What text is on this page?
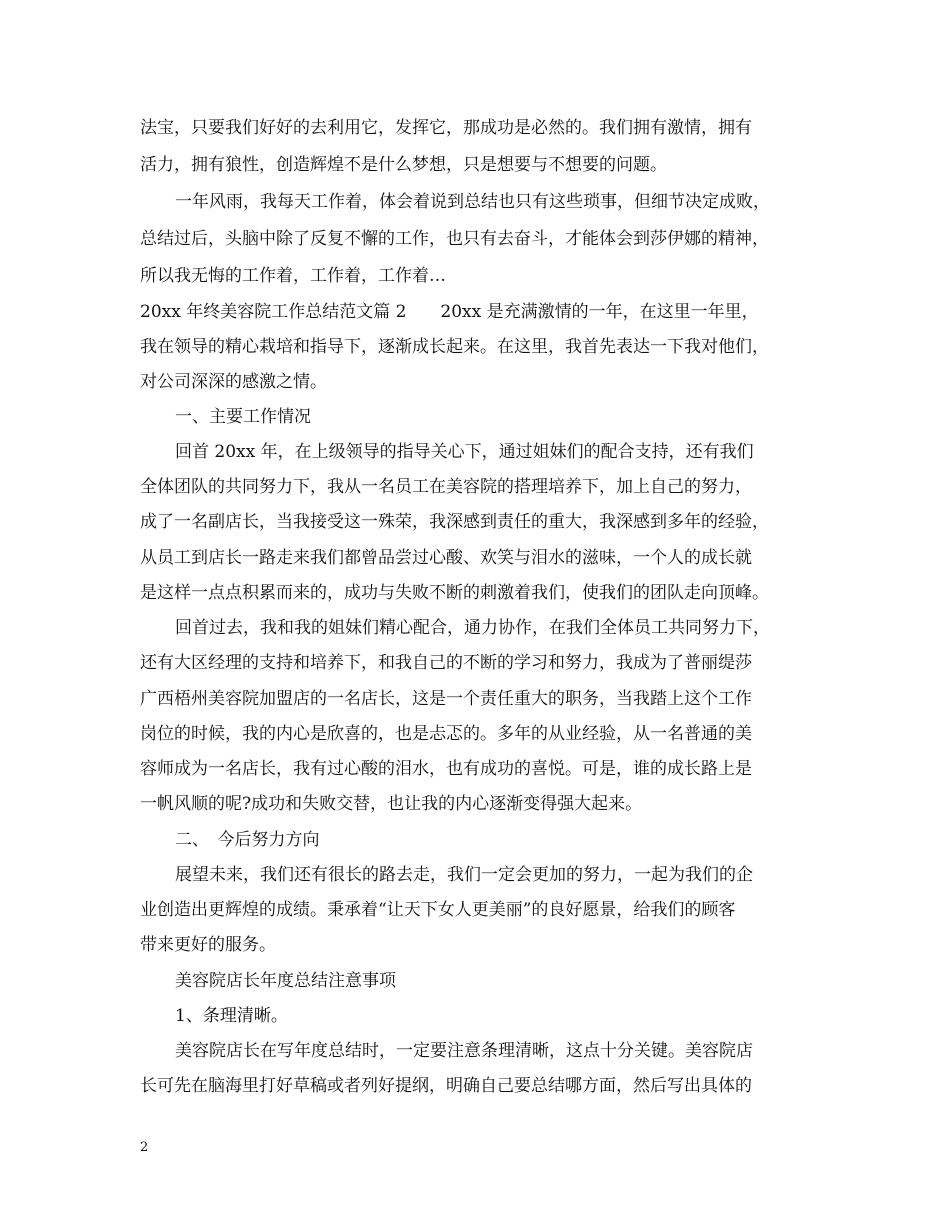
法宝，只要我们好好的去利用它，发挥它，那成功是必然的。我们拥有激情，拥有
活力，拥有狼性，创造辉煌不是什么梦想，只是想要与不想要的问题。
一年风雨，我每天工作着，体会着说到总结也只有这些琐事，但细节决定成败，
总结过后，头脑中除了反复不懈的工作，也只有去奋斗，才能体会到莎伊娜的精神，
所以我无悔的工作着，工作着，工作着…
20xx 年终美容院工作总结范文篇 2　　20xx 是充满激情的一年，在这里一年里，
我在领导的精心栽培和指导下，逐渐成长起来。在这里，我首先表达一下我对他们，
对公司深深的感激之情。
一、主要工作情况
回首 20xx 年，在上级领导的指导关心下，通过姐妹们的配合支持，还有我们
全体团队的共同努力下，我从一名员工在美容院的搭理培养下，加上自己的努力，
成了一名副店长，当我接受这一殊荣，我深感到责任的重大，我深感到多年的经验，
从员工到店长一路走来我们都曾品尝过心酸、欢笑与泪水的滋味，一个人的成长就
是这样一点点积累而来的，成功与失败不断的刺激着我们，使我们的团队走向顶峰。
回首过去，我和我的姐妹们精心配合，通力协作，在我们全体员工共同努力下，
还有大区经理的支持和培养下，和我自己的不断的学习和努力，我成为了普丽缇莎
广西梧州美容院加盟店的一名店长，这是一个责任重大的职务，当我踏上这个工作
岗位的时候，我的内心是欣喜的，也是忐忑的。多年的从业经验，从一名普通的美
容师成为一名店长，我有过心酸的泪水，也有成功的喜悦。可是，谁的成长路上是
一帆风顺的呢?成功和失败交替，也让我的内心逐渐变得强大起来。
二、　今后努力方向
展望未来，我们还有很长的路去走，我们一定会更加的努力，一起为我们的企
业创造出更辉煌的成绩。秉承着“让天下女人更美丽”的良好愿景，给我们的顾客
带来更好的服务。
美容院店长年度总结注意事项
1、条理清晰。
美容院店长在写年度总结时，一定要注意条理清晰，这点十分关键。美容院店
长可先在脑海里打好草稿或者列好提纲，明确自己要总结哪方面，然后写出具体的
2
